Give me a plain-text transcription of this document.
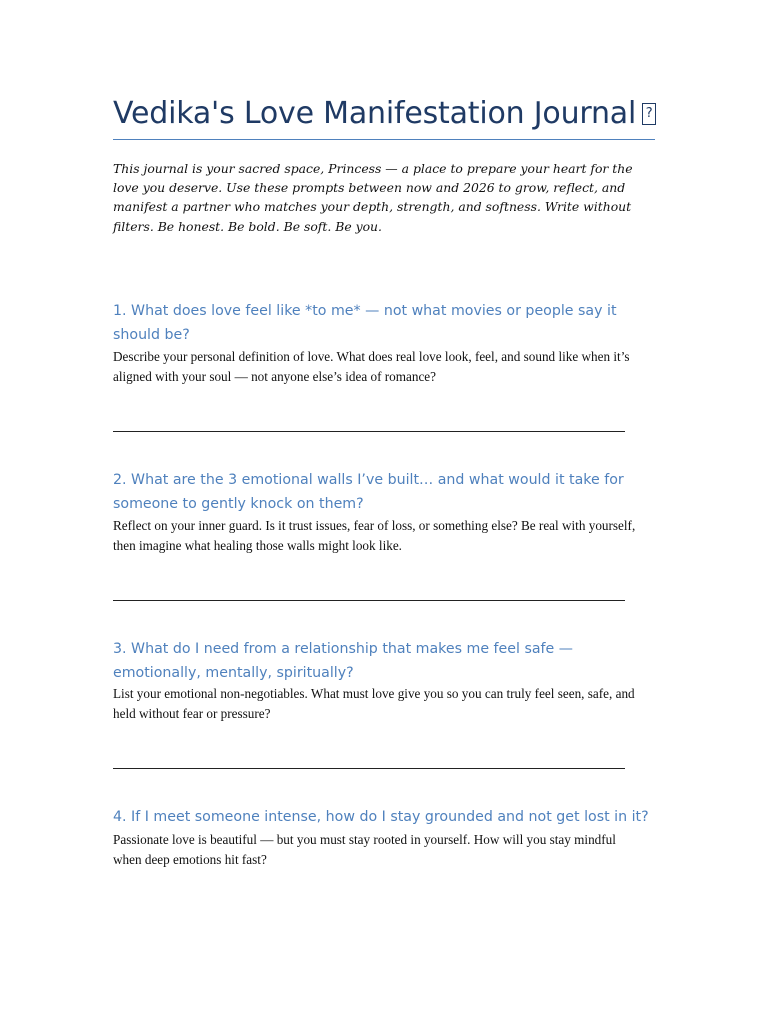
Vedika's Love Manifestation Journal?
This journal is your sacred space, Princess — a place to prepare your heart for the love you deserve. Use these prompts between now and 2026 to grow, reflect, and manifest a partner who matches your depth, strength, and softness. Write without filters. Be honest. Be bold. Be soft. Be you.
1. What does love feel like *to me* — not what movies or people say it should be?
Describe your personal definition of love. What does real love look, feel, and sound like when it’s aligned with your soul — not anyone else’s idea of romance?
2. What are the 3 emotional walls I’ve built… and what would it take for someone to gently knock on them?
Reflect on your inner guard. Is it trust issues, fear of loss, or something else? Be real with yourself, then imagine what healing those walls might look like.
3. What do I need from a relationship that makes me feel safe — emotionally, mentally, spiritually?
List your emotional non-negotiables. What must love give you so you can truly feel seen, safe, and held without fear or pressure?
4. If I meet someone intense, how do I stay grounded and not get lost in it?
Passionate love is beautiful — but you must stay rooted in yourself. How will you stay mindful when deep emotions hit fast?
